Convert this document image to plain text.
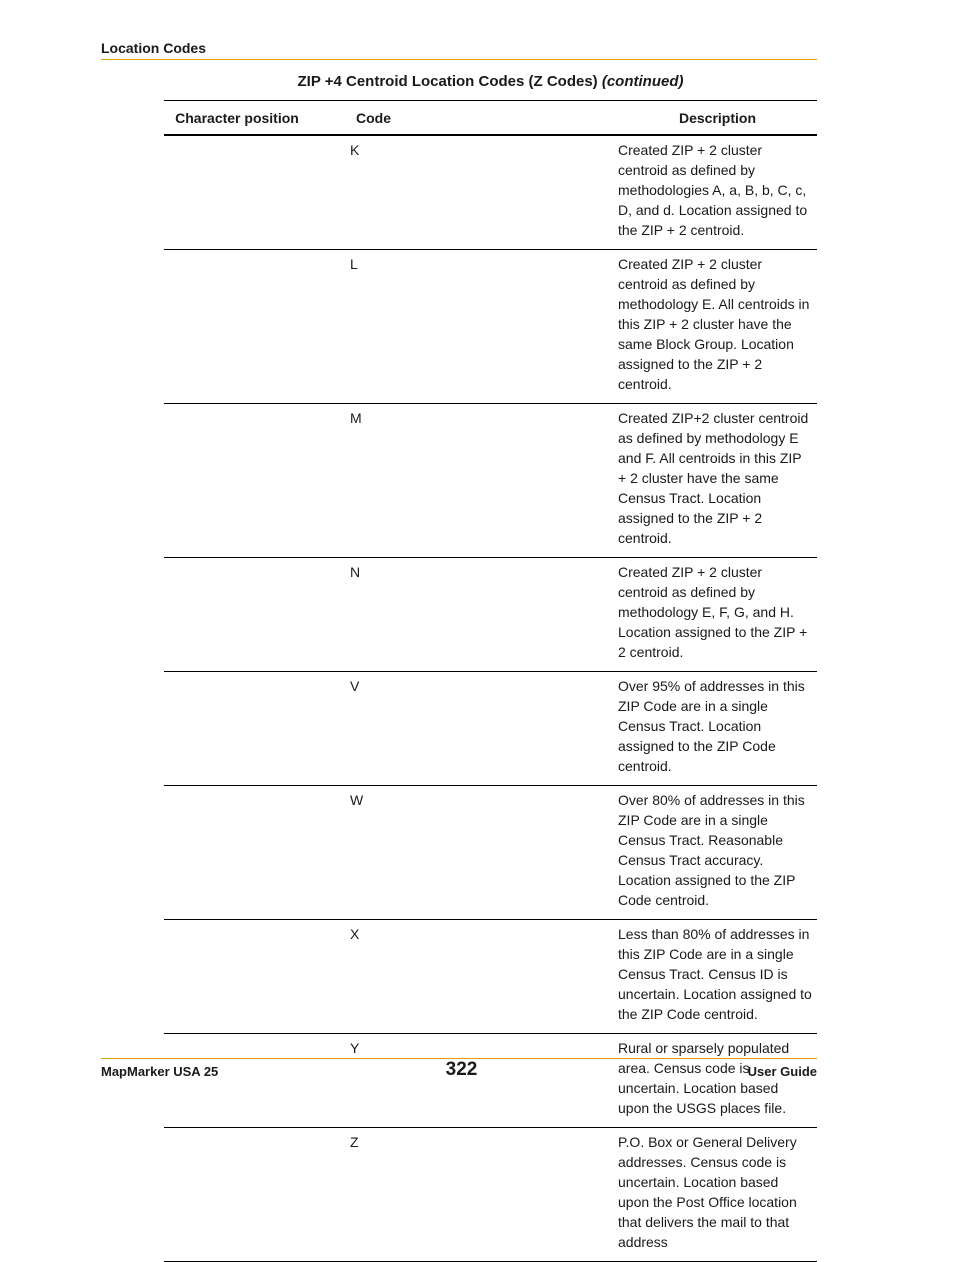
Location Codes
ZIP +4 Centroid Location Codes (Z Codes) (continued)
Character position	Code	Description
	K	Created ZIP + 2 cluster centroid as defined by methodologies A, a, B, b, C, c, D, and d. Location assigned to the ZIP + 2 centroid.
	L	Created ZIP + 2 cluster centroid as defined by methodology E. All centroids in this ZIP + 2 cluster have the same Block Group. Location assigned to the ZIP + 2 centroid.
	M	Created ZIP+2 cluster centroid as defined by methodology E and F. All centroids in this ZIP + 2 cluster have the same Census Tract. Location assigned to the ZIP + 2 centroid.
	N	Created ZIP + 2 cluster centroid as defined by methodology E, F, G, and H. Location assigned to the ZIP + 2 centroid.
	V	Over 95% of addresses in this ZIP Code are in a single Census Tract. Location assigned to the ZIP Code centroid.
	W	Over 80% of addresses in this ZIP Code are in a single Census Tract. Reasonable Census Tract accuracy. Location assigned to the ZIP Code centroid.
	X	Less than 80% of addresses in this ZIP Code are in a single Census Tract. Census ID is uncertain. Location assigned to the ZIP Code centroid.
	Y	Rural or sparsely populated area. Census code is uncertain. Location based upon the USGS places file.
	Z	P.O. Box or General Delivery addresses. Census code is uncertain. Location based upon the Post Office location that delivers the mail to that address
MapMarker USA 25	322	User Guide
